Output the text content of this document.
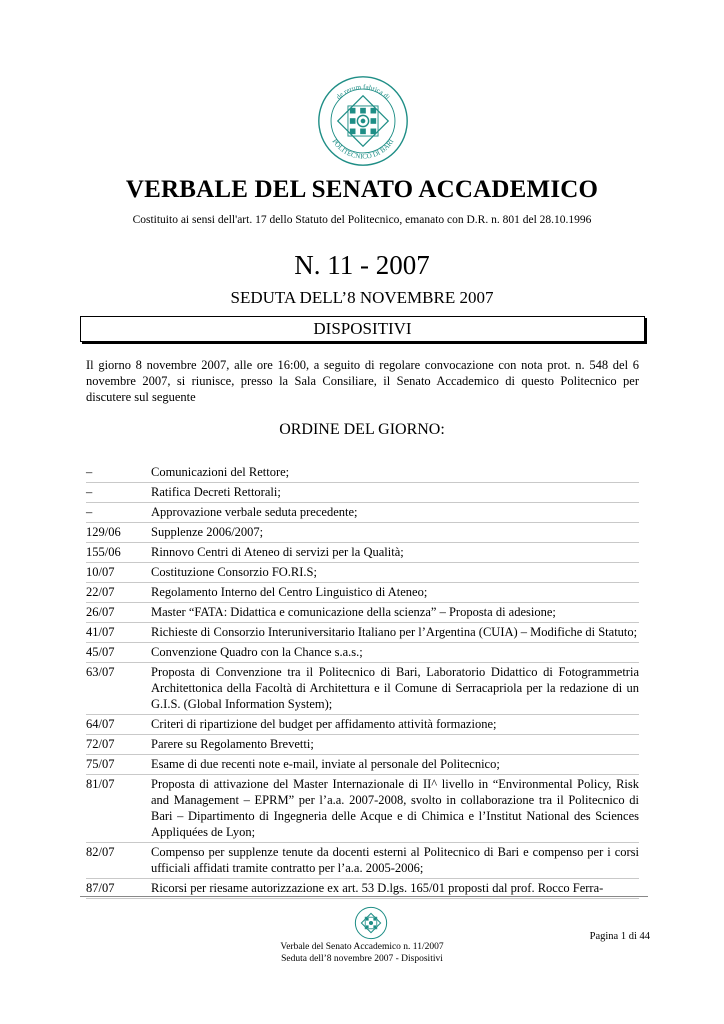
de rerum fabrica di
POLITECNICO DI BARI
VERBALE DEL SENATO ACCADEMICO
Costituito ai sensi dell'art. 17 dello Statuto del Politecnico, emanato con D.R. n. 801 del 28.10.1996
N. 11 - 2007
SEDUTA DELL’8 NOVEMBRE 2007
DISPOSITIVI
Il giorno 8 novembre 2007, alle ore 16:00, a seguito di regolare convocazione con nota prot. n. 548 del 6 novembre 2007, si riunisce, presso la Sala Consiliare, il Senato Accademico di questo Politecnico per discutere sul seguente
ORDINE DEL GIORNO:
–	Comunicazioni del Rettore;
–	Ratifica Decreti Rettorali;
–	Approvazione verbale seduta precedente;
129/06	Supplenze 2006/2007;
155/06	Rinnovo Centri di Ateneo di servizi per la Qualità;
10/07	Costituzione Consorzio FO.RI.S;
22/07	Regolamento Interno del Centro Linguistico di Ateneo;
26/07	Master “FATA: Didattica e comunicazione della scienza” – Proposta di adesione;
41/07	Richieste di Consorzio Interuniversitario Italiano per l’Argentina (CUIA) – Modifiche di Statuto;
45/07	Convenzione Quadro con la Chance s.a.s.;
63/07	Proposta di Convenzione tra il Politecnico di Bari, Laboratorio Didattico di Fotogrammetria Architettonica della Facoltà di Architettura e il Comune di Serracapriola per la redazione di un G.I.S. (Global Information System);
64/07	Criteri di ripartizione del budget per affidamento attività formazione;
72/07	Parere su Regolamento Brevetti;
75/07	Esame di due recenti note e-mail, inviate al personale del Politecnico;
81/07	Proposta di attivazione del Master Internazionale di II^ livello in “Environmental Policy, Risk and Management – EPRM” per l’a.a. 2007-2008, svolto in collaborazione tra il Politecnico di Bari – Dipartimento di Ingegneria delle Acque e di Chimica e l’Institut National des Sciences Appliquées de Lyon;
82/07	Compenso per supplenze tenute da docenti esterni al Politecnico di Bari e compenso per i corsi ufficiali affidati tramite contratto per l’a.a. 2005-2006;
87/07	Ricorsi per riesame autorizzazione ex art. 53 D.lgs. 165/01 proposti dal prof. Rocco Ferra-
Pagina 1 di 44
Verbale del Senato Accademico n. 11/2007
Seduta dell’8 novembre 2007 - Dispositivi
